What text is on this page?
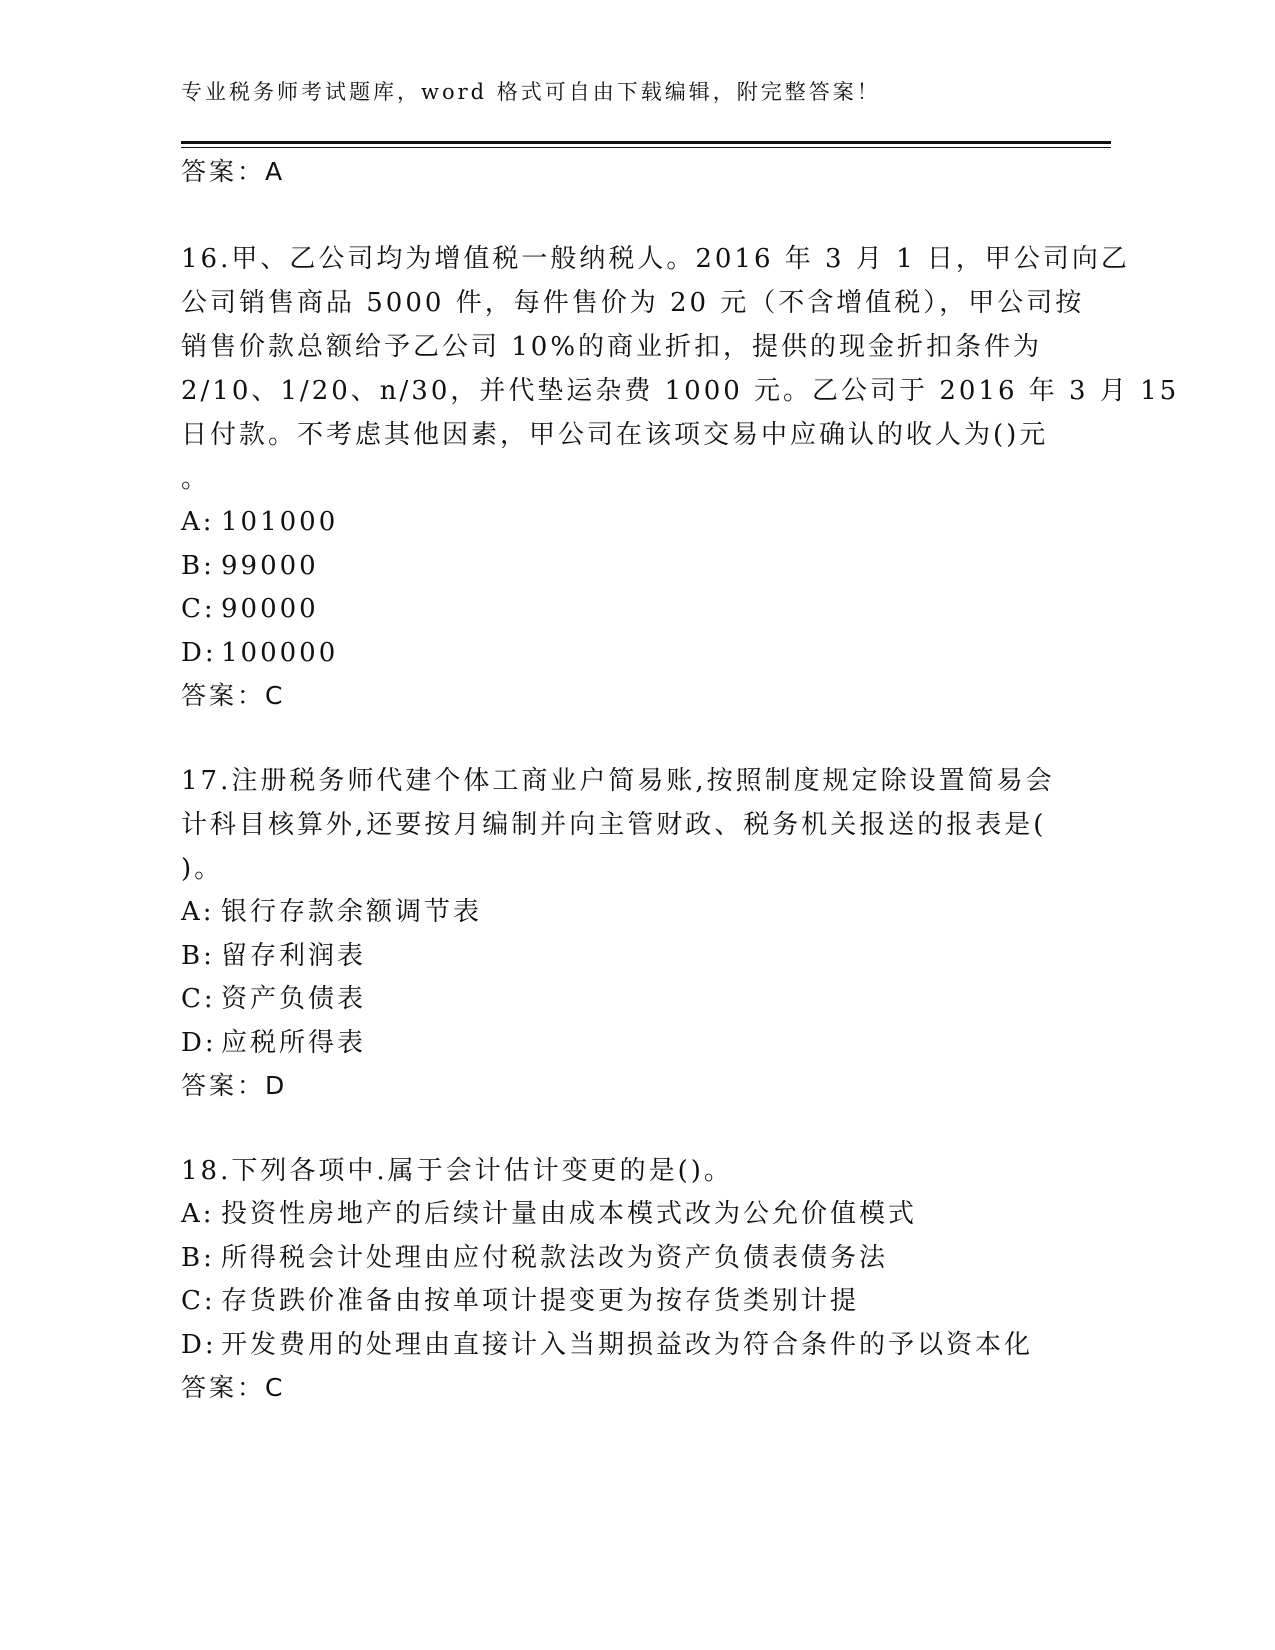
专业税务师考试题库，word 格式可自由下载编辑，附完整答案！
答案：A
16.甲、乙公司均为增值税一般纳税人。2016 年 3 月 1 日，甲公司向乙
公司销售商品 5000 件，每件售价为 20 元（不含增值税），甲公司按
销售价款总额给予乙公司 10%的商业折扣，提供的现金折扣条件为
2/10、1/20、n/30，并代垫运杂费 1000 元。乙公司于 2016 年 3 月 15
日付款。不考虑其他因素，甲公司在该项交易中应确认的收人为()元
。
A: 101000
B: 99000
C: 90000
D: 100000
答案：C
17.注册税务师代建个体工商业户简易账,按照制度规定除设置简易会
计科目核算外,还要按月编制并向主管财政、税务机关报送的报表是(
)。
A: 银行存款余额调节表
B: 留存利润表
C: 资产负债表
D: 应税所得表
答案：D
18.下列各项中.属于会计估计变更的是()。
A: 投资性房地产的后续计量由成本模式改为公允价值模式
B: 所得税会计处理由应付税款法改为资产负债表债务法
C: 存货跌价准备由按单项计提变更为按存货类别计提
D: 开发费用的处理由直接计入当期损益改为符合条件的予以资本化
答案：C
